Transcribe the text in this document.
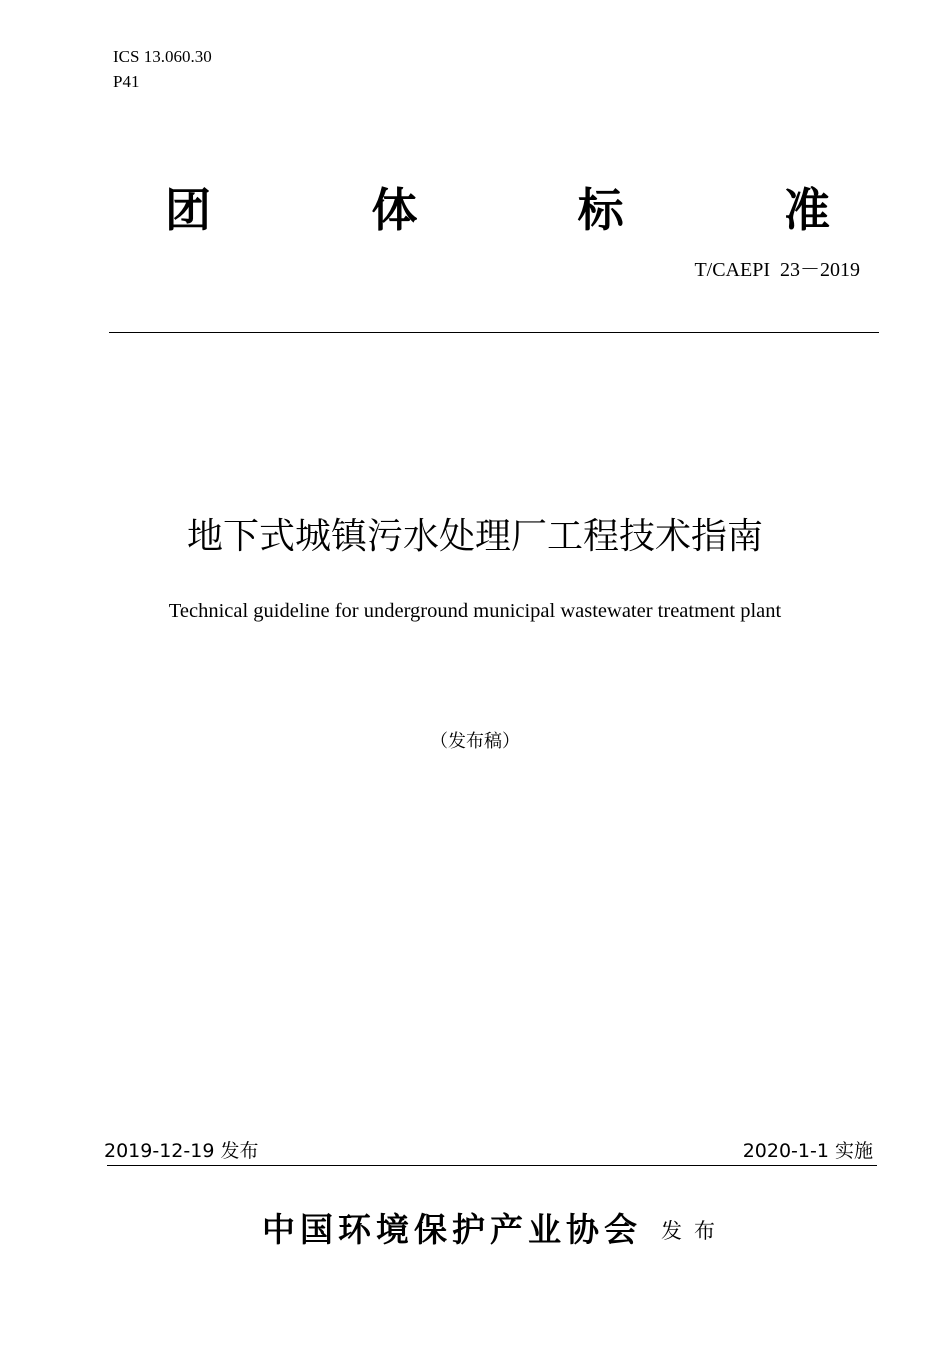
ICS 13.060.30
P41
团	体	标	准
T/CAEPI  23－2019
地下式城镇污水处理厂工程技术指南
Technical guideline for underground municipal wastewater treatment plant
（发布稿）
2019-12-19 发布	2020-1-1 实施
中国环境保护产业协会 发布
